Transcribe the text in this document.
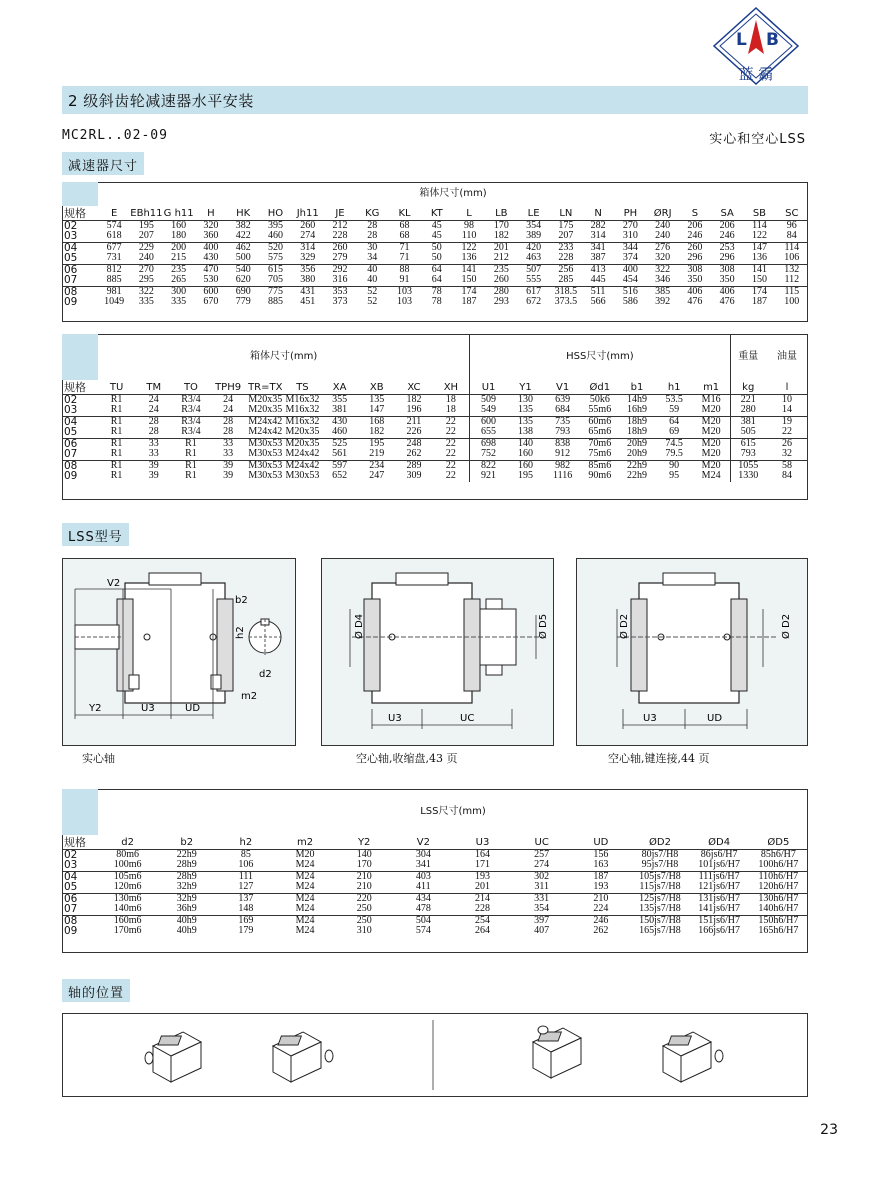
L B
蓝 霸
2 级斜齿轮减速器水平安装
MC2RL..02-09	实心和空心LSS
减速器尺寸
	箱体尺寸(mm)																					
规格	E	EBh11	G h11	H	HK	HO	Jh11	JE	KG	KL	KT	L	LB	LE	LN	N	PH	ØRJ	S	SA	SB	SC
02	574	195	160	320	382	395	260	212	28	68	45	98	170	354	175	282	270	240	206	206	114	96
03	618	207	180	360	422	460	274	228	28	68	45	110	182	389	207	314	310	240	246	246	122	84
04	677	229	200	400	462	520	314	260	30	71	50	122	201	420	233	341	344	276	260	253	147	114
05	731	240	215	430	500	575	329	279	34	71	50	136	212	463	228	387	374	320	296	296	136	106
06	812	270	235	470	540	615	356	292	40	88	64	141	235	507	256	413	400	322	308	308	141	132
07	885	295	265	530	620	705	380	316	40	91	64	150	260	555	285	445	454	346	350	350	150	112
08	981	322	300	600	690	775	431	353	52	103	78	174	280	617	318.5	511	516	385	406	406	174	115
09	1049	335	335	670	779	885	451	373	52	103	78	187	293	672	373.5	566	586	392	476	476	187	100
	箱体尺寸(mm)										HSS尺寸(mm)							重量	油量
规格	TU	TM	TO	TPH9	TR=TX	TS	XA	XB	XC	XH	U1	Y1	V1	Ød1	b1	h1	m1	kg	l
02	R1	24	R3/4	24	M20x35	M16x32	355	135	182	18	509	130	639	50k6	14h9	53.5	M16	221	10
03	R1	24	R3/4	24	M20x35	M16x32	381	147	196	18	549	135	684	55m6	16h9	59	M20	280	14
04	R1	28	R3/4	28	M24x42	M16x32	430	168	211	22	600	135	735	60m6	18h9	64	M20	381	19
05	R1	28	R3/4	28	M24x42	M20x35	460	182	226	22	655	138	793	65m6	18h9	69	M20	505	22
06	R1	33	R1	33	M30x53	M20x35	525	195	248	22	698	140	838	70m6	20h9	74.5	M20	615	26
07	R1	33	R1	33	M30x53	M24x42	561	219	262	22	752	160	912	75m6	20h9	79.5	M20	793	32
08	R1	39	R1	39	M30x53	M24x42	597	234	289	22	822	160	982	85m6	22h9	90	M20	1055	58
09	R1	39	R1	39	M30x53	M30x53	652	247	309	22	921	195	1116	90m6	22h9	95	M24	1330	84
LSS型号
V2
b2
h2
d2
m2
Y2	U3	UD
实心轴
Ø D4	Ø D5
U3	UC
空心轴,收缩盘,43 页
Ø D2	Ø D2
U3	UD
空心轴,键连接,44 页
	LSS尺寸(mm)											
规格	d2	b2	h2	m2	Y2	V2	U3	UC	UD	ØD2	ØD4	ØD5
02	80m6	22h9	85	M20	140	304	164	257	156	80js7/H8	86js6/H7	85h6/H7
03	100m6	28h9	106	M24	170	341	171	274	163	95js7/H8	101js6/H7	100h6/H7
04	105m6	28h9	111	M24	210	403	193	302	187	105js7/H8	111js6/H7	110h6/H7
05	120m6	32h9	127	M24	210	411	201	311	193	115js7/H8	121js6/H7	120h6/H7
06	130m6	32h9	137	M24	220	434	214	331	210	125js7/H8	131js6/H7	130h6/H7
07	140m6	36h9	148	M24	250	478	228	354	224	135js7/H8	141js6/H7	140h6/H7
08	160m6	40h9	169	M24	250	504	254	397	246	150js7/H8	151js6/H7	150h6/H7
09	170m6	40h9	179	M24	310	574	264	407	262	165js7/H8	166js6/H7	165h6/H7
轴的位置
23
